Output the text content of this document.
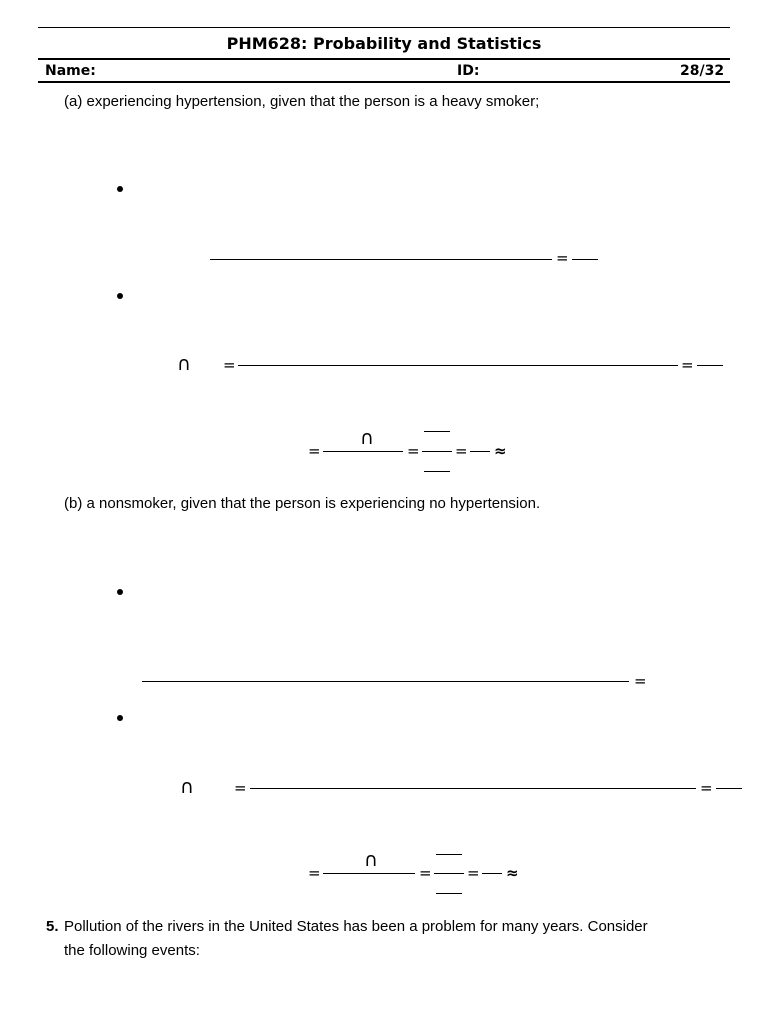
PHM628: Probability and Statistics
Name:	ID:	28/32
(a) experiencing hypertension, given that the person is a heavy smoker;
=
∩ =	=
∩
=	= = ≈
(b) a nonsmoker, given that the person is experiencing no hypertension.
=
∩	=	=
∩
=	= = ≈
5. Pollution of the rivers in the United States has been a problem for many years. Consider
the following events:
